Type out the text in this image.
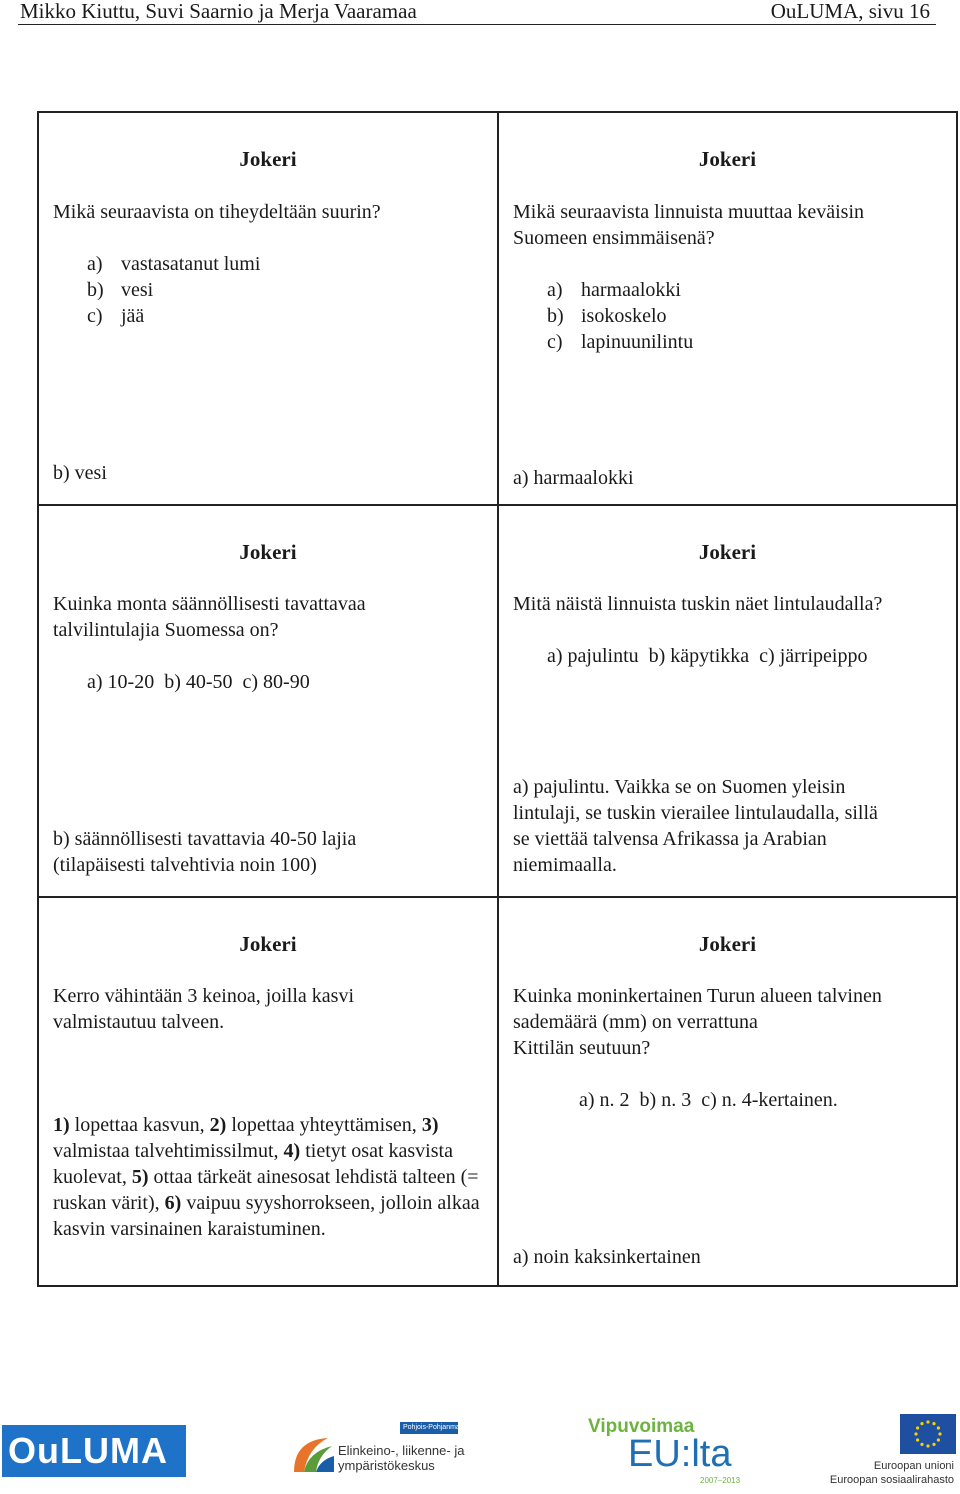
Mikko Kiuttu, Suvi Saarnio ja Merja Vaaramaa	OuLUMA, sivu 16
Jokeri
Mikä seuraavista on tiheydeltään suurin?
a) vastasatanut lumi
b) vesi
c) jää
b) vesi
Jokeri
Mikä seuraavista linnuista muuttaa keväisin
Suomeen ensimmäisenä?
a) harmaalokki
b) isokoskelo
c) lapinuunilintu
a) harmaalokki
Jokeri
Kuinka monta säännöllisesti tavattavaa
talvilintulajia Suomessa on?
a) 10-20  b) 40-50  c) 80-90
b) säännöllisesti tavattavia 40-50 lajia
(tilapäisesti talvehtivia noin 100)
Jokeri
Mitä näistä linnuista tuskin näet lintulaudalla?
a) pajulintu  b) käpytikka  c) järripeippo
a) pajulintu. Vaikka se on Suomen yleisin
lintulaji, se tuskin vierailee lintulaudalla, sillä
se viettää talvensa Afrikassa ja Arabian
niemimaalla.
Jokeri
Kerro vähintään 3 keinoa, joilla kasvi
valmistautuu talveen.
1) lopettaa kasvun, 2) lopettaa yhteyttämisen, 3) valmistaa talvehtimissilmut, 4) tietyt osat kasvista kuolevat, 5) ottaa tärkeät ainesosat lehdistä talteen (= ruskan värit), 6) vaipuu syyshorrokseen, jolloin alkaa kasvin varsinainen karaistuminen.
Jokeri
Kuinka moninkertainen Turun alueen talvinen
sademäärä (mm) on verrattuna
Kittilän seutuun?
a) n. 2  b) n. 3  c) n. 4-kertainen.
a) noin kaksinkertainen
OuLUMA
Pohjois-Pohjanmaa
Elinkeino-, liikenne- ja
ympäristökeskus
Vipuvoimaa
EU:lta
2007–2013
Euroopan unioni
Euroopan sosiaalirahasto
